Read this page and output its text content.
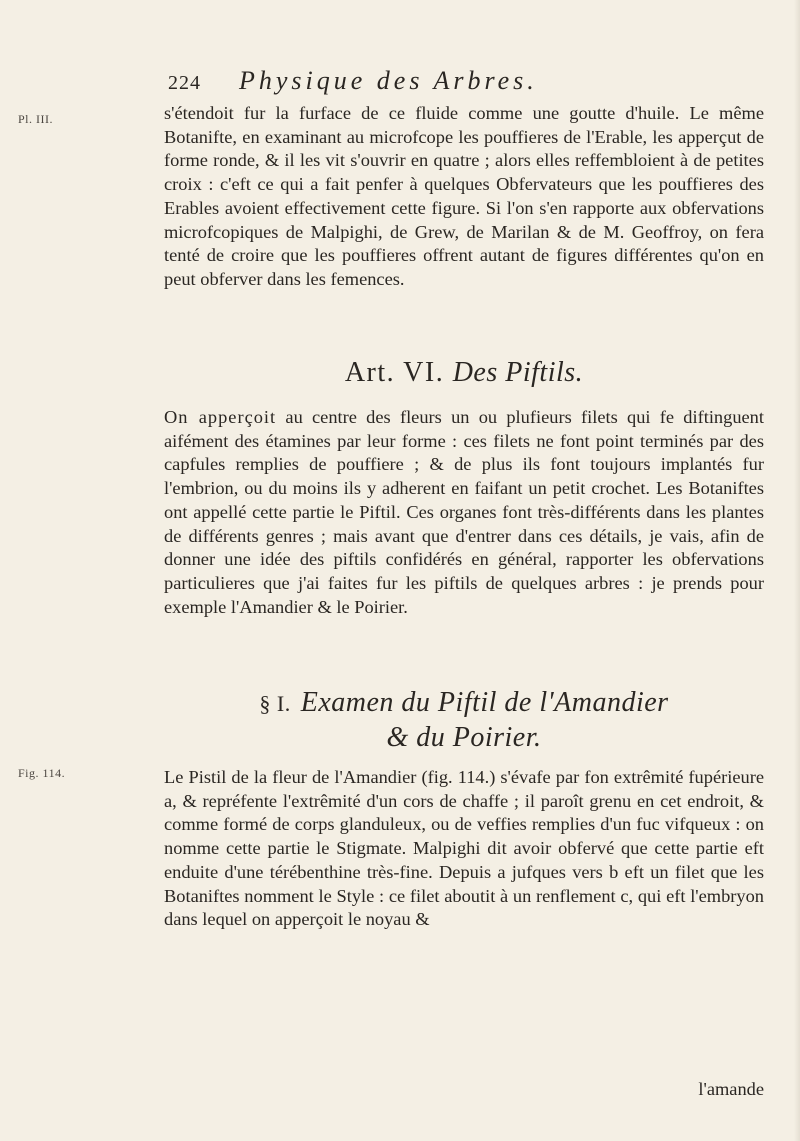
224 Physique des Arbres.
Pl. III.	s'étendoit fur la furface de ce fluide comme une goutte d'huile. Le même Botanifte, en examinant au microfcope les pouffieres de l'Erable, les apperçut de forme ronde, & il les vit s'ouvrir en quatre ; alors elles reffembloient à de petites croix : c'eft ce qui a fait penfer à quelques Obfervateurs que les pouffieres des Erables avoient effectivement cette figure. Si l'on s'en rapporte aux obfervations microfcopiques de Malpighi, de Grew, de Marilan & de M. Geoffroy, on fera tenté de croire que les pouffieres offrent autant de figures différentes qu'on en peut obferver dans les femences.

Art. VI. Des Piftils.

On apperçoit au centre des fleurs un ou plufieurs filets qui fe diftinguent aifément des étamines par leur forme : ces filets ne font point terminés par des capfules remplies de pouffiere ; & de plus ils font toujours implantés fur l'embrion, ou du moins ils y adherent en faifant un petit crochet. Les Botaniftes ont appellé cette partie le Piftil. Ces organes font très-différents dans les plantes de différents genres ; mais avant que d'entrer dans ces détails, je vais, afin de donner une idée des piftils confidérés en général, rapporter les obfervations particulieres que j'ai faites fur les piftils de quelques arbres : je prends pour exemple l'Amandier & le Poirier.

§ I. Examen du Piftil de l'Amandier
& du Poirier.
Fig. 114.	Le Pistil de la fleur de l'Amandier (fig. 114.) s'évafe par fon extrêmité fupérieure a, & repréfente l'extrêmité d'un cors de chaffe ; il paroît grenu en cet endroit, & comme formé de corps glanduleux, ou de veffies remplies d'un fuc vifqueux : on nomme cette partie le Stigmate. Malpighi dit avoir obfervé que cette partie eft enduite d'une térébenthine très-fine. Depuis a jufques vers b eft un filet que les Botaniftes nomment le Style : ce filet aboutit à un renflement c, qui eft l'embryon dans lequel on apperçoit le noyau &

l'amande
